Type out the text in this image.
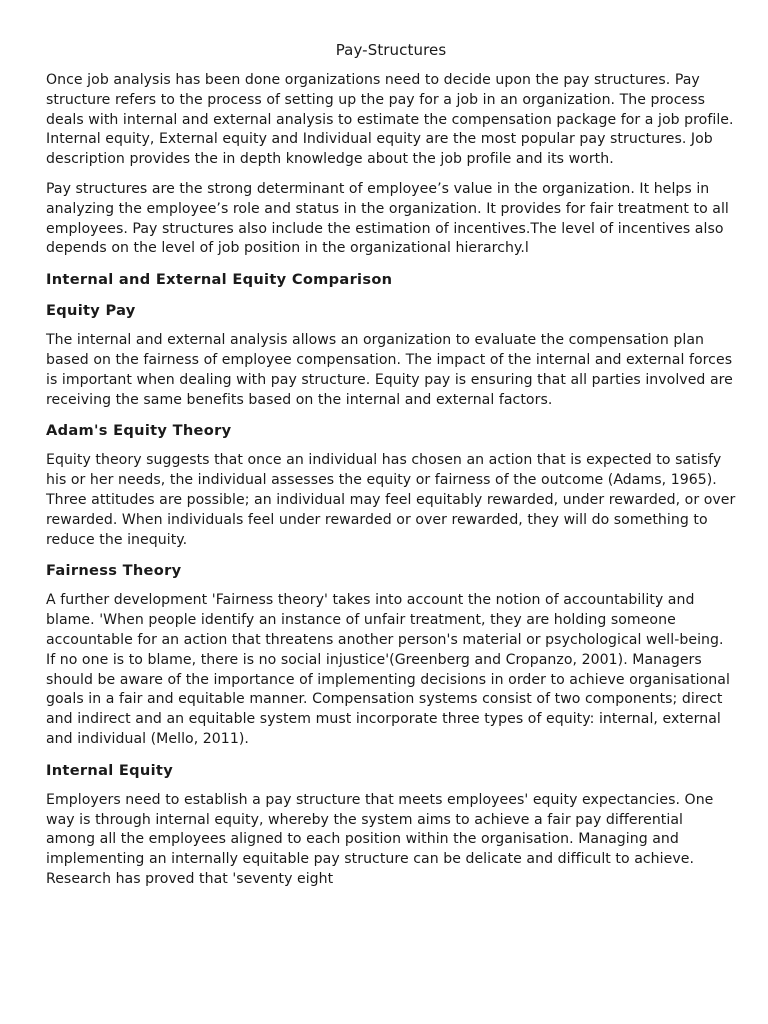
Pay-Structures

Once job analysis has been done organizations need to decide upon the pay structures. Pay structure refers to the process of setting up the pay for a job in an organization. The process deals with internal and external analysis to estimate the compensation package for a job profile. Internal equity, External equity and Individual equity are the most popular pay structures. Job description provides the in depth knowledge about the job profile and its worth.

Pay structures are the strong determinant of employee’s value in the organization. It helps in analyzing the employee’s role and status in the organization. It provides for fair treatment to all employees. Pay structures also include the estimation of incentives.The level of incentives also depends on the level of job position in the organizational hierarchy.l

Internal and External Equity Comparison
Equity Pay

The internal and external analysis allows an organization to evaluate the compensation plan based on the fairness of employee compensation. The impact of the internal and external forces is important when dealing with pay structure. Equity pay is ensuring that all parties involved are receiving the same benefits based on the internal and external factors.

Adam's Equity Theory

Equity theory suggests that once an individual has chosen an action that is expected to satisfy his or her needs, the individual assesses the equity or fairness of the outcome (Adams, 1965). Three attitudes are possible; an individual may feel equitably rewarded, under rewarded, or over rewarded. When individuals feel under rewarded or over rewarded, they will do something to reduce the inequity.

Fairness Theory

A further development 'Fairness theory' takes into account the notion of accountability and blame. 'When people identify an instance of unfair treatment, they are holding someone accountable for an action that threatens another person's material or psychological well-being. If no one is to blame, there is no social injustice'(Greenberg and Cropanzo, 2001). Managers should be aware of the importance of implementing decisions in order to achieve organisational goals in a fair and equitable manner. Compensation systems consist of two components; direct and indirect and an equitable system must incorporate three types of equity: internal, external and individual (Mello, 2011).

Internal Equity

Employers need to establish a pay structure that meets employees' equity expectancies. One way is through internal equity, whereby the system aims to achieve a fair pay differential among all the employees aligned to each position within the organisation. Managing and implementing an internally equitable pay structure can be delicate and difficult to achieve. Research has proved that 'seventy eight
